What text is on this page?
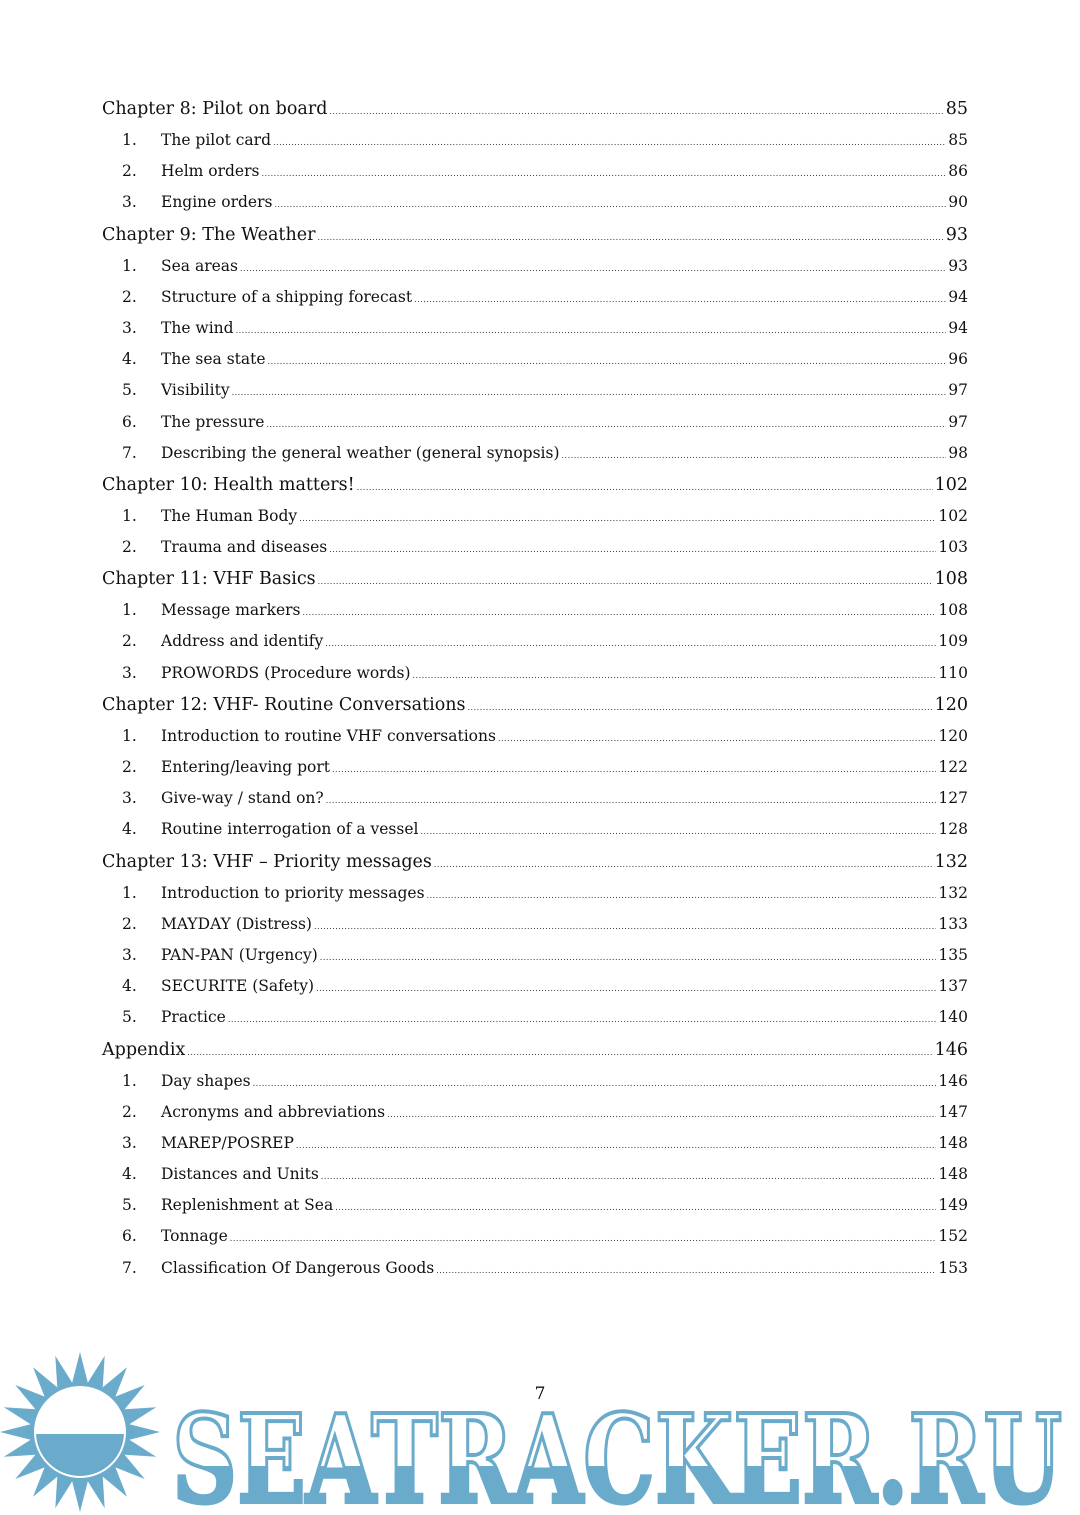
Chapter 8: Pilot on board .....	85
1.	The pilot card .....	85
2.	Helm orders .....	86
3.	Engine orders .....	90
Chapter 9: The Weather .....	93
1.	Sea areas .....	93
2.	Structure of a shipping forecast .....	94
3.	The wind .....	94
4.	The sea state .....	96
5.	Visibility .....	97
6.	The pressure .....	97
7.	Describing the general weather (general synopsis) .....	98
Chapter 10: Health matters! .....	102
1.	The Human Body .....	102
2.	Trauma and diseases .....	103
Chapter 11: VHF Basics .....	108
1.	Message markers .....	108
2.	Address and identify .....	109
3.	PROWORDS (Procedure words) .....	110
Chapter 12: VHF- Routine Conversations .....	120
1.	Introduction to routine VHF conversations .....	120
2.	Entering/leaving port .....	122
3.	Give-way / stand on? .....	127
4.	Routine interrogation of a vessel .....	128
Chapter 13: VHF – Priority messages .....	132
1.	Introduction to priority messages .....	132
2.	MAYDAY (Distress) .....	133
3.	PAN-PAN (Urgency) .....	135
4.	SECURITE (Safety) .....	137
5.	Practice .....	140
Appendix .....	146
1.	Day shapes .....	146
2.	Acronyms and abbreviations .....	147
3.	MAREP/POSREP .....	148
4.	Distances and Units .....	148
5.	Replenishment at Sea .....	149
6.	Tonnage .....	152
7.	Classification Of Dangerous Goods .....	153
SEATRACKER.RU
7
